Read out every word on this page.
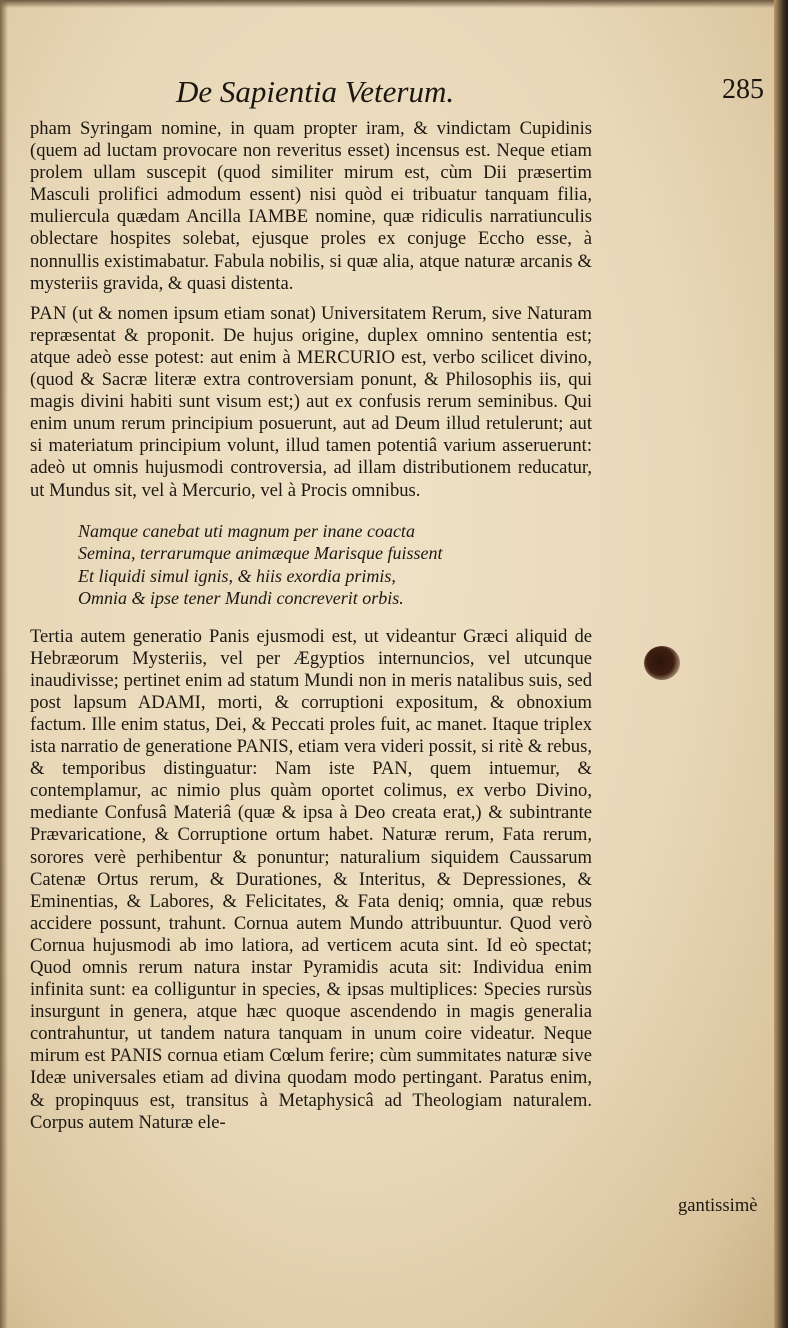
De Sapientia Veterum.	285

pham Syringam nomine, in quam propter iram, & vindictam Cupidinis (quem ad luctam provocare non reveritus esset) incensus est. Neque etiam prolem ullam suscepit (quod similiter mirum est, cùm Dii præsertim Masculi prolifici admodum essent) nisi quòd ei tribuatur tanquam filia, muliercula quædam Ancilla IAMBE nomine, quæ ridiculis narratiunculis oblectare hospites solebat, ejusque proles ex conjuge Eccho esse, à nonnullis existimabatur. Fabula nobilis, si quæ alia, atque naturæ arcanis & mysteriis gravida, & quasi distenta.

PAN (ut & nomen ipsum etiam sonat) Universitatem Rerum, sive Naturam repræsentat & proponit. De hujus origine, duplex omnino sententia est; atque adeò esse potest: aut enim à MERCURIO est, verbo scilicet divino, (quod & Sacræ literæ extra controversiam ponunt, & Philosophis iis, qui magis divini habiti sunt visum est;) aut ex confusis rerum seminibus. Qui enim unum rerum principium posuerunt, aut ad Deum illud retulerunt; aut si materiatum principium volunt, illud tamen potentiâ varium asseruerunt: adeò ut omnis hujusmodi controversia, ad illam distributionem reducatur, ut Mundus sit, vel à Mercurio, vel à Procis omnibus.

Namque canebat uti magnum per inane coacta
Semina, terrarumque animæque Marisque fuissent
Et liquidi simul ignis, & hiis exordia primis,
Omnia & ipse tener Mundi concreverit orbis.

Tertia autem generatio Panis ejusmodi est, ut videantur Græci aliquid de Hebræorum Mysteriis, vel per Ægyptios internuncios, vel utcunque inaudivisse; pertinet enim ad statum Mundi non in meris natalibus suis, sed post lapsum ADAMI, morti, & corruptioni expositum, & obnoxium factum. Ille enim status, Dei, & Peccati proles fuit, ac manet. Itaque triplex ista narratio de generatione PANIS, etiam vera videri possit, si ritè & rebus, & temporibus distinguatur: Nam iste PAN, quem intuemur, & contemplamur, ac nimio plus quàm oportet colimus, ex verbo Divino, mediante Confusâ Materiâ (quæ & ipsa à Deo creata erat,) & subintrante Prævaricatione, & Corruptione ortum habet. Naturæ rerum, Fata rerum, sorores verè perhibentur & ponuntur; naturalium siquidem Caussarum Catenæ Ortus rerum, & Durationes, & Interitus, & Depressiones, & Eminentias, & Labores, & Felicitates, & Fata deniq; omnia, quæ rebus accidere possunt, trahunt. Cornua autem Mundo attribuuntur. Quod verò Cornua hujusmodi ab imo latiora, ad verticem acuta sint. Id eò spectat; Quod omnis rerum natura instar Pyramidis acuta sit: Individua enim infinita sunt: ea colliguntur in species, & ipsas multiplices: Species rursùs insurgunt in genera, atque hæc quoque ascendendo in magis generalia contrahuntur, ut tandem natura tanquam in unum coire videatur. Neque mirum est PANIS cornua etiam Cœlum ferire; cùm summitates naturæ sive Ideæ universales etiam ad divina quodam modo pertingant. Paratus enim, & propinquus est, transitus à Metaphysicâ ad Theologiam naturalem. Corpus autem Naturæ ele-

gantissimè
